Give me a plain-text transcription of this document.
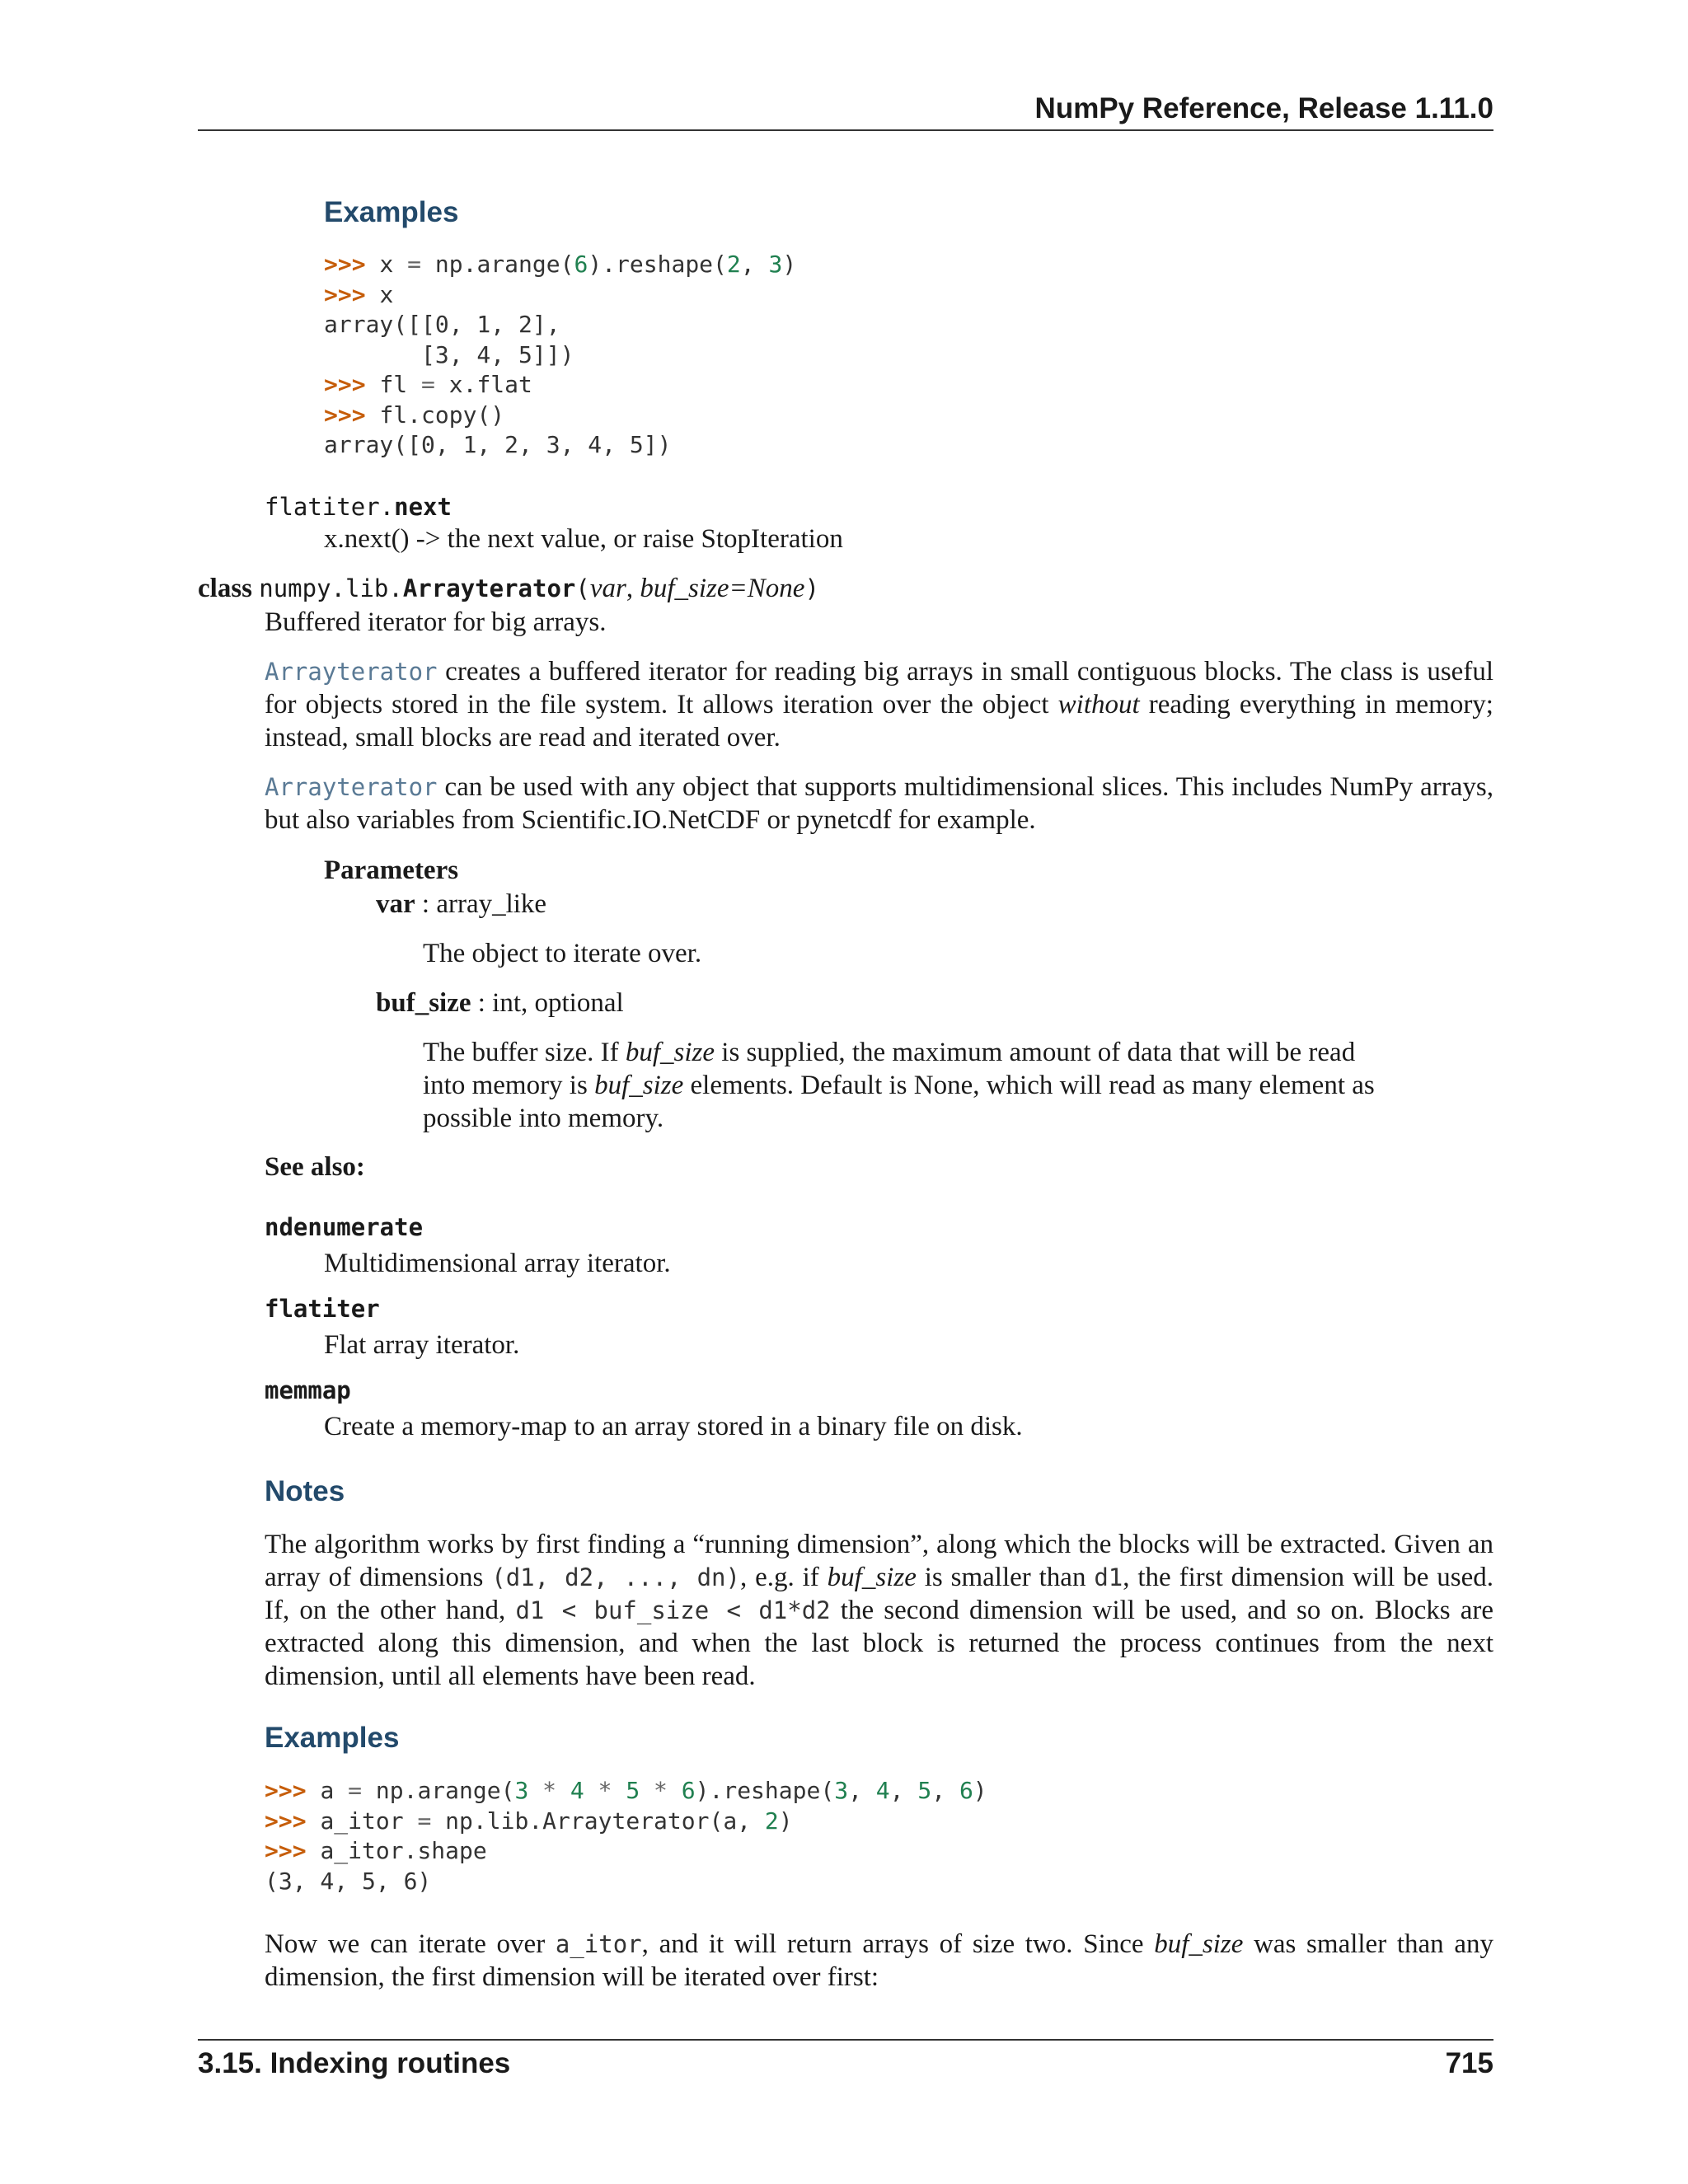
NumPy Reference, Release 1.11.0
Examples
>>> x = np.arange(6).reshape(2, 3)
>>> x
array([[0, 1, 2],
[3, 4, 5]])
>>> fl = x.flat
>>> fl.copy()
array([0, 1, 2, 3, 4, 5])
flatiter.next
x.next() -> the next value, or raise StopIteration
class numpy.lib.Arrayterator(var, buf_size=None)
Buffered iterator for big arrays.
Arrayterator creates a buffered iterator for reading big arrays in small contiguous blocks. The class is useful for objects stored in the file system. It allows iteration over the object without reading everything in memory; instead, small blocks are read and iterated over.
Arrayterator can be used with any object that supports multidimensional slices. This includes NumPy arrays, but also variables from Scientific.IO.NetCDF or pynetcdf for example.
Parameters
var : array_like
The object to iterate over.
buf_size : int, optional
The buffer size. If buf_size is supplied, the maximum amount of data that will be read into memory is buf_size elements. Default is None, which will read as many element as possible into memory.
See also:
ndenumerate
Multidimensional array iterator.
flatiter
Flat array iterator.
memmap
Create a memory-map to an array stored in a binary file on disk.
Notes
The algorithm works by first finding a “running dimension”, along which the blocks will be extracted. Given an array of dimensions (d1, d2, ..., dn), e.g. if buf_size is smaller than d1, the first dimension will be used. If, on the other hand, d1 < buf_size < d1*d2 the second dimension will be used, and so on. Blocks are extracted along this dimension, and when the last block is returned the process continues from the next dimension, until all elements have been read.
Examples
>>> a = np.arange(3 * 4 * 5 * 6).reshape(3, 4, 5, 6)
>>> a_itor = np.lib.Arrayterator(a, 2)
>>> a_itor.shape
(3, 4, 5, 6)
Now we can iterate over a_itor, and it will return arrays of size two. Since buf_size was smaller than any dimension, the first dimension will be iterated over first:
3.15. Indexing routines	715
